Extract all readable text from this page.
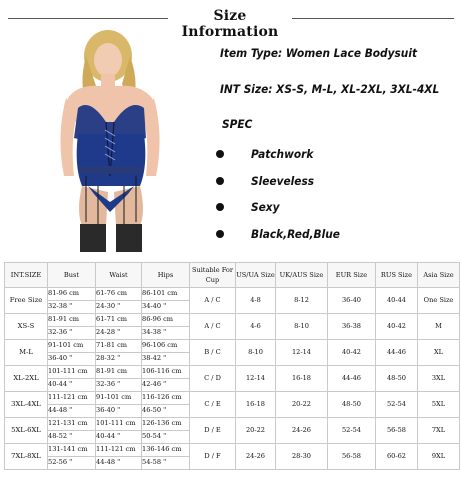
Size Information
Item Type: Women Lace Bodysuit
INT Size: XS-S, M-L, XL-2XL, 3XL-4XL
SPEC
Patchwork
Sleeveless
Sexy
Black,Red,Blue
INT.SIZE	Bust	Waist	Hips	Suitable For Cup	US/UA Size	UK/AUS Size	EUR Size	RUS Size	Asia Size
Free Size	81-96 cm	61-76 cm	86-101 cm	A / C	4-8	8-12	36-40	40-44	One Size
	32-38 "	24-30 "	34-40 "						
XS-S	81-91 cm	61-71 cm	86-96 cm	A / C	4-6	8-10	36-38	40-42	M
	32-36 "	24-28 "	34-38 "						
M-L	91-101 cm	71-81 cm	96-106 cm	B / C	8-10	12-14	40-42	44-46	XL
	36-40 "	28-32 "	38-42 "						
XL-2XL	101-111 cm	81-91 cm	106-116 cm	C / D	12-14	16-18	44-46	48-50	3XL
	40-44 "	32-36 "	42-46 "						
3XL-4XL	111-121 cm	91-101 cm	116-126 cm	C / E	16-18	20-22	48-50	52-54	5XL
	44-48 "	36-40 "	46-50 "						
5XL-6XL	121-131 cm	101-111 cm	126-136 cm	D / E	20-22	24-26	52-54	56-58	7XL
	48-52 "	40-44 "	50-54 "						
7XL-8XL	131-141 cm	111-121 cm	136-146 cm	D / F	24-26	28-30	56-58	60-62	9XL
	52-56 "	44-48 "	54-58 "						
